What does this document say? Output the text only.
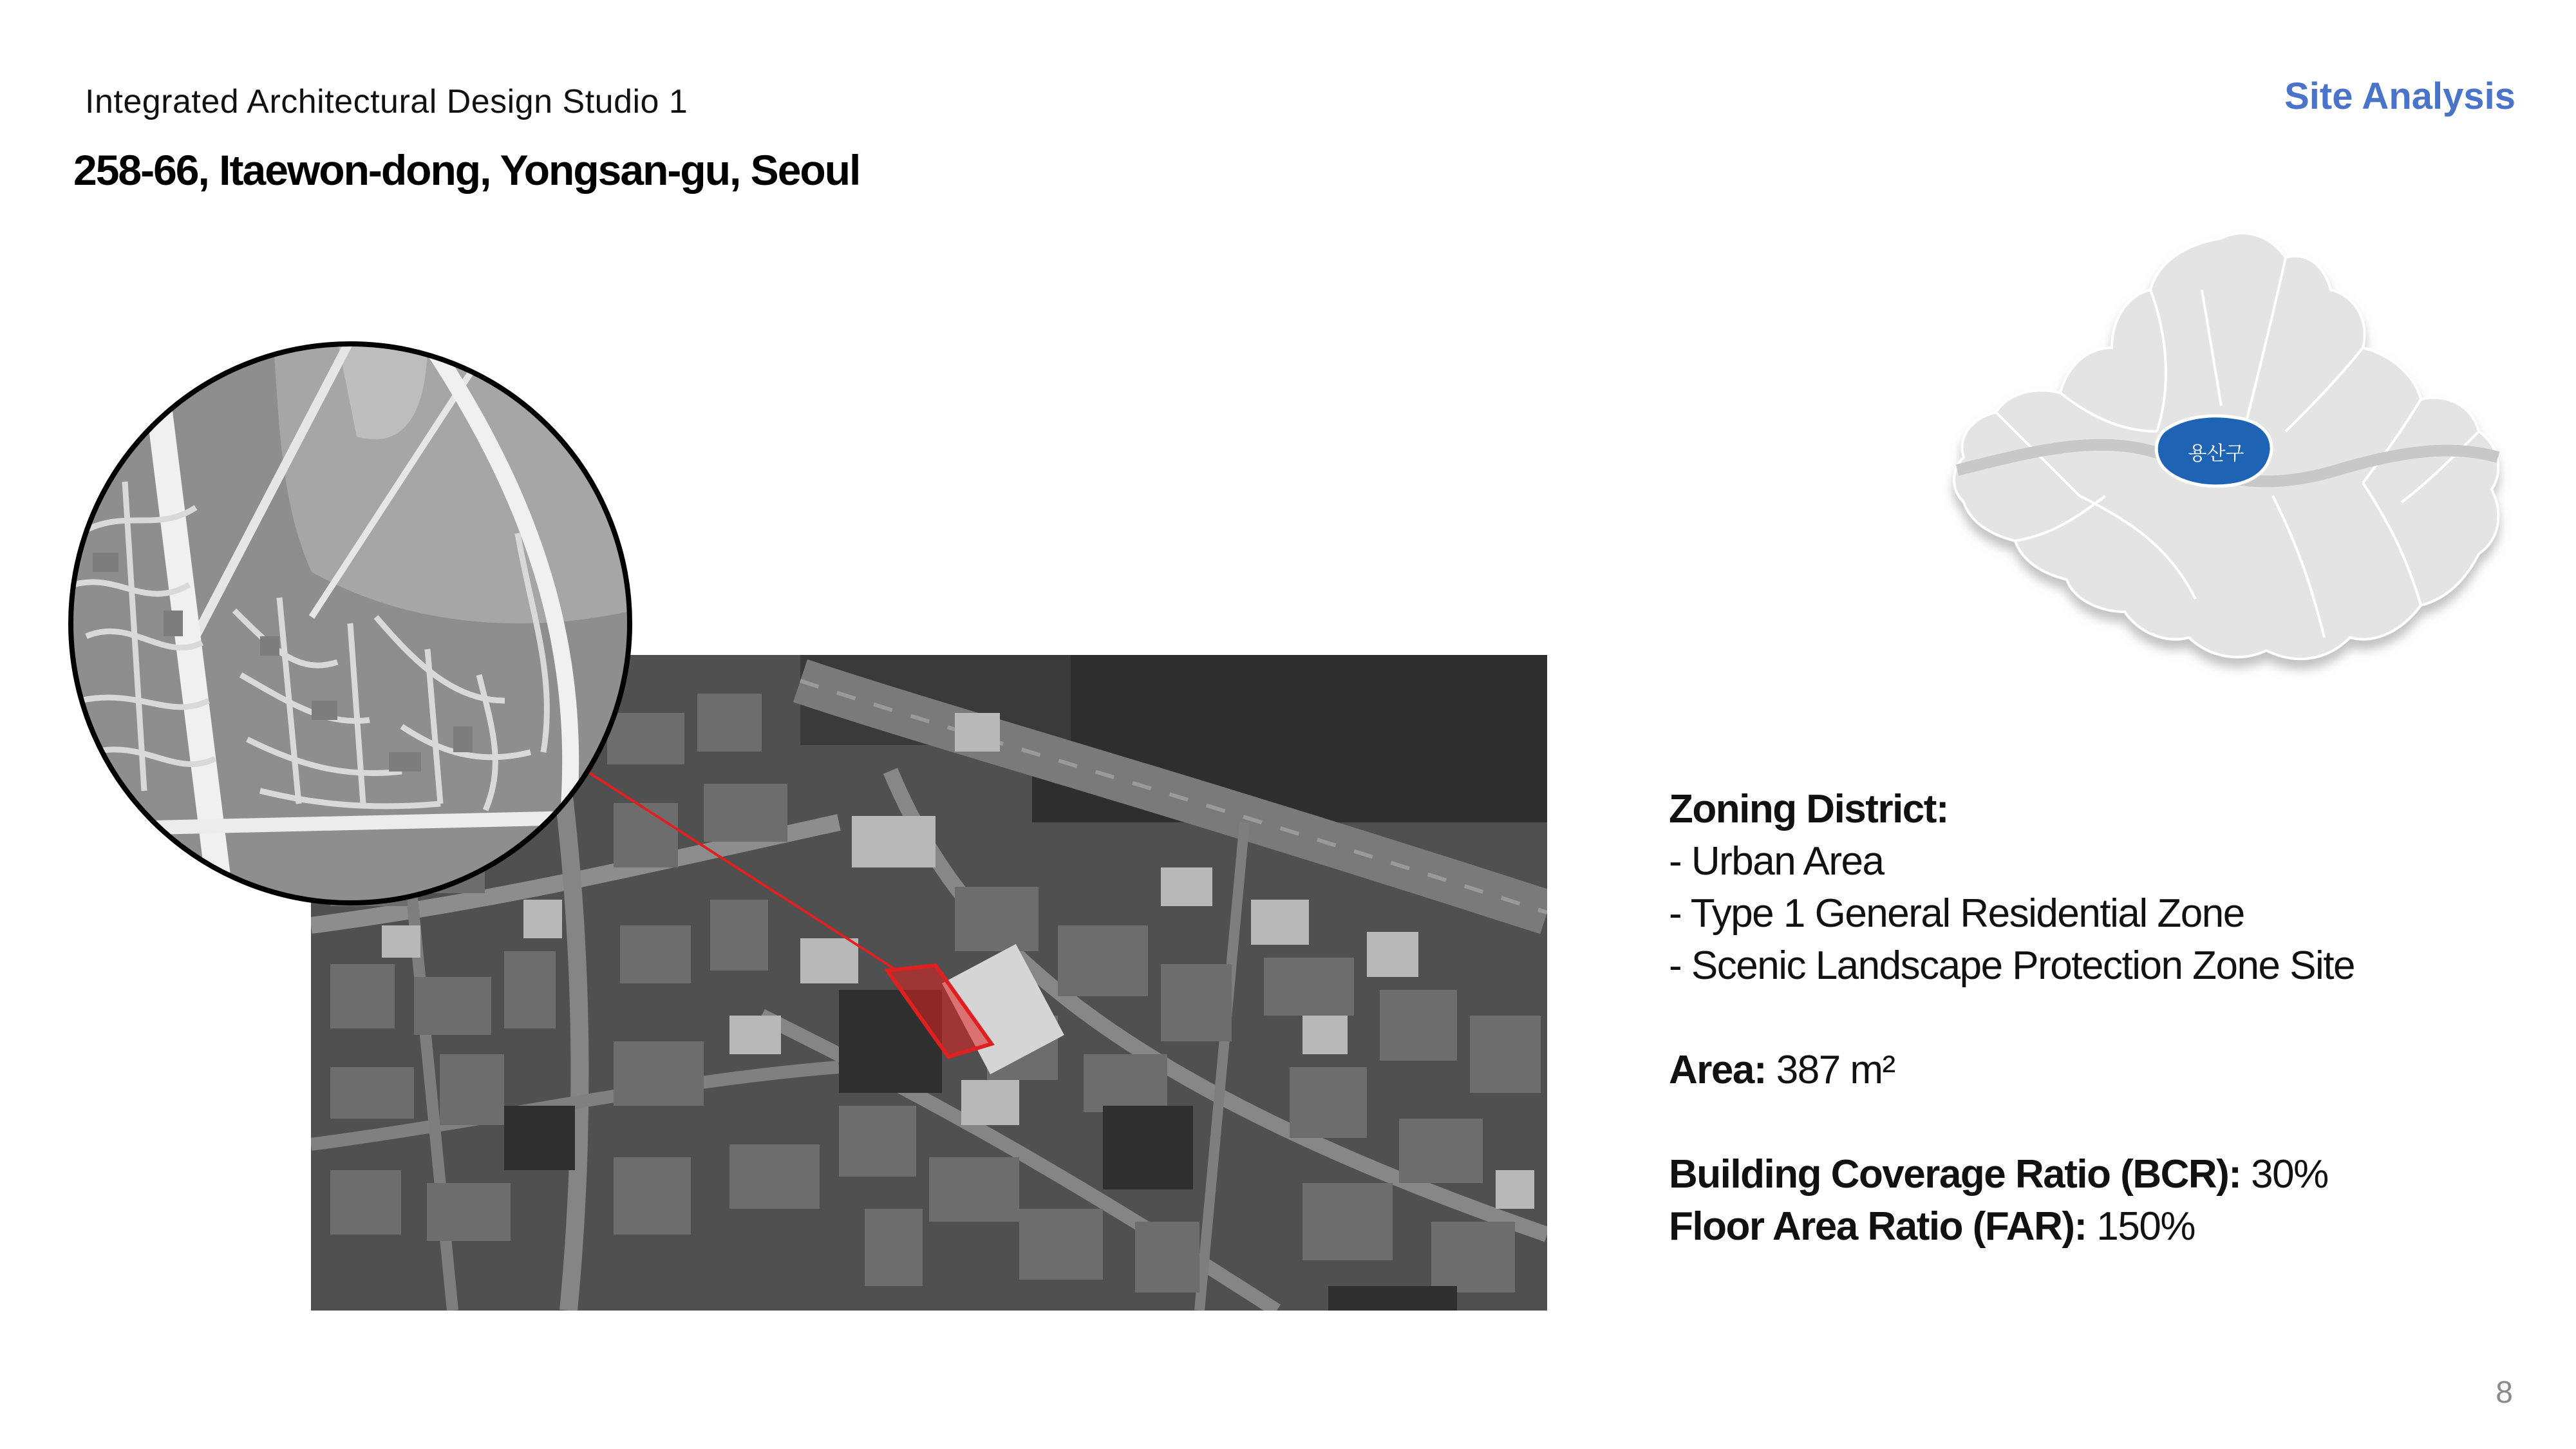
Integrated Architectural Design Studio 1
258-66, Itaewon-dong, Yongsan-gu, Seoul
Site Analysis
용산구
Zoning District:
- Urban Area
- Type 1 General Residential Zone
- Scenic Landscape Protection Zone Site
Area: 387 m²
Building Coverage Ratio (BCR): 30%
Floor Area Ratio (FAR): 150%
8
